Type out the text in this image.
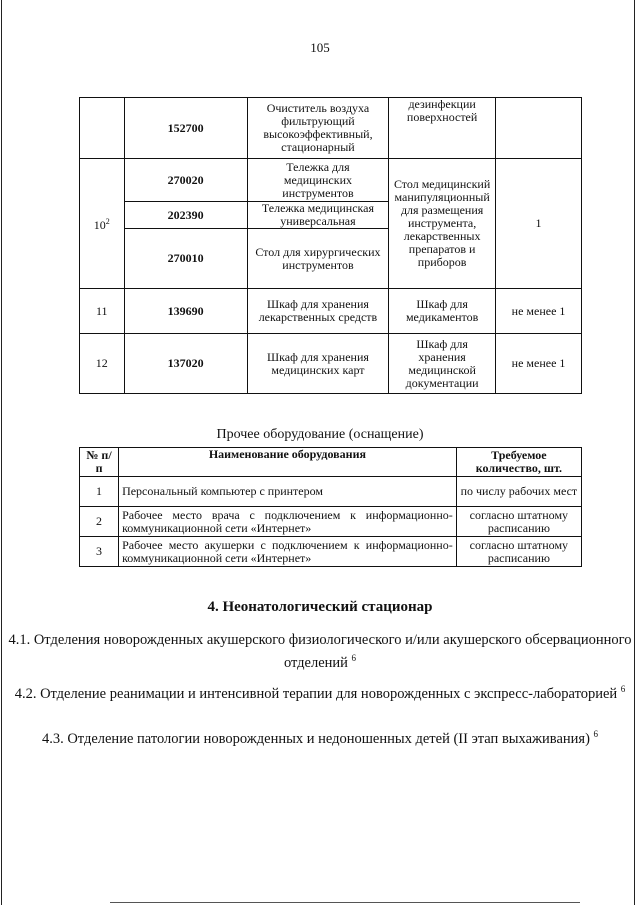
105
	152700	Очиститель воздуха фильтрующий высокоэффективный, стационарный	дезинфекции поверхностей	
$10^2$	270020	Тележка для медицинских инструментов	Стол медицинский манипуляционный для размещения инструмента, лекарственных препаратов и приборов	1
	202390	Тележка медицинская универсальная		
	270010	Стол для хирургических инструментов		
11	139690	Шкаф для хранения лекарственных средств	Шкаф для медикаментов	не менее 1
12	137020	Шкаф для хранения медицинских карт	Шкаф для хранения медицинской документации	не менее 1
Прочее оборудование (оснащение)
№ п/п	Наименование оборудования	Требуемое количество, шт.
1	Персональный компьютер с принтером	по числу рабочих мест
2	Рабочее место врача с подключением к информационно-коммуникационной сети «Интернет»	согласно штатному расписанию
3	Рабочее место акушерки с подключением к информационно-коммуникационной сети «Интернет»	согласно штатному расписанию
4. Неонатологический стационар
4.1. Отделения новорожденных акушерского физиологического и/или акушерского обсервационного отделений $^6$
4.2. Отделение реанимации и интенсивной терапии для новорожденных с экспресс-лабораторией $^6$
4.3. Отделение патологии новорожденных и недоношенных детей (II этап выхаживания) $^6$
